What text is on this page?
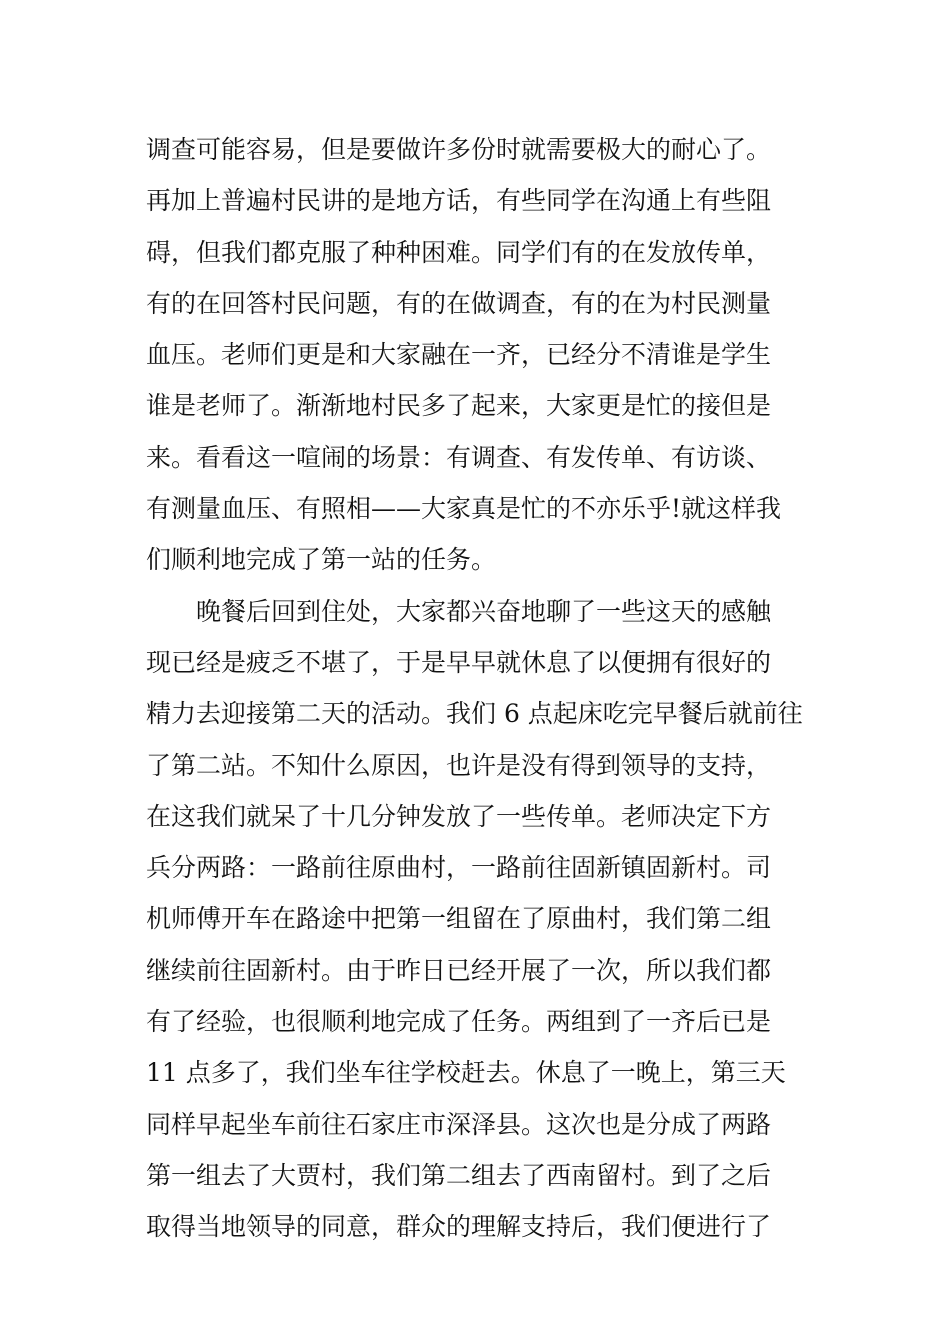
调查可能容易，但是要做许多份时就需要极大的耐心了。
再加上普遍村民讲的是地方话，有些同学在沟通上有些阻
碍，但我们都克服了种种困难。同学们有的在发放传单，
有的在回答村民问题，有的在做调查，有的在为村民测量
血压。老师们更是和大家融在一齐，已经分不清谁是学生
谁是老师了。渐渐地村民多了起来，大家更是忙的接但是
来。看看这一喧闹的场景：有调查、有发传单、有访谈、
有测量血压、有照相——大家真是忙的不亦乐乎!就这样我
们顺利地完成了第一站的任务。
晚餐后回到住处，大家都兴奋地聊了一些这天的感触
现已经是疲乏不堪了，于是早早就休息了以便拥有很好的
精力去迎接第二天的活动。我们 6 点起床吃完早餐后就前往
了第二站。不知什么原因，也许是没有得到领导的支持，
在这我们就呆了十几分钟发放了一些传单。老师决定下方
兵分两路：一路前往原曲村，一路前往固新镇固新村。司
机师傅开车在路途中把第一组留在了原曲村，我们第二组
继续前往固新村。由于昨日已经开展了一次，所以我们都
有了经验，也很顺利地完成了任务。两组到了一齐后已是
11 点多了，我们坐车往学校赶去。休息了一晚上，第三天
同样早起坐车前往石家庄市深泽县。这次也是分成了两路
第一组去了大贾村，我们第二组去了西南留村。到了之后
取得当地领导的同意，群众的理解支持后，我们便进行了
